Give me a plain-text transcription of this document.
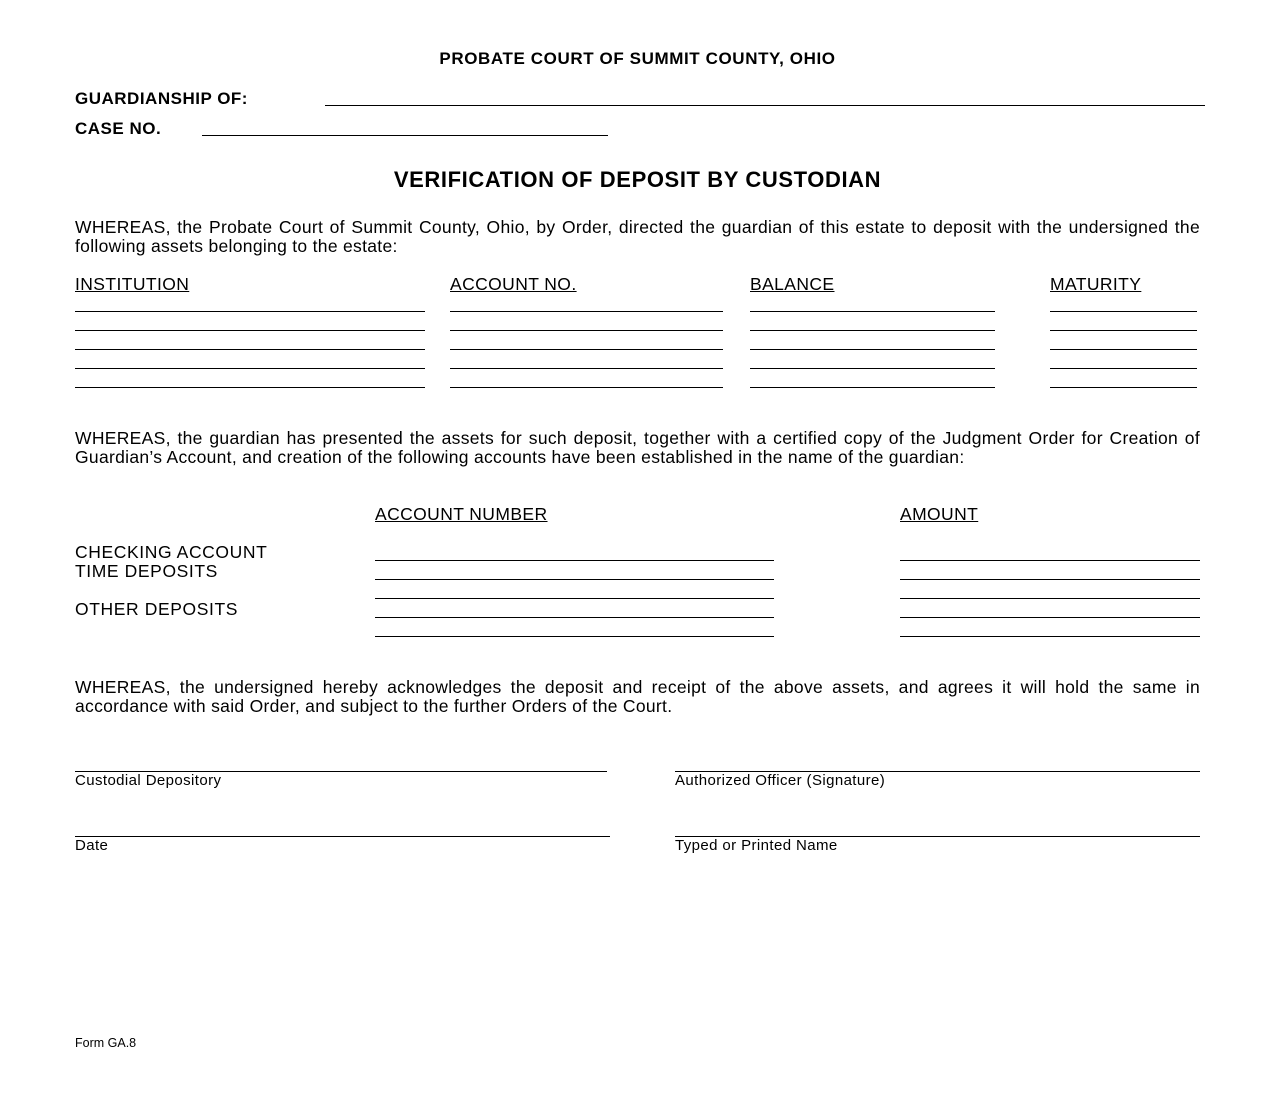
PROBATE COURT OF SUMMIT COUNTY, OHIO
GUARDIANSHIP OF:
CASE NO.
VERIFICATION OF DEPOSIT BY CUSTODIAN
WHEREAS, the Probate Court of Summit County, Ohio, by Order, directed the guardian of this estate to deposit with the undersigned the following assets belonging to the estate:
INSTITUTION	ACCOUNT NO.	BALANCE	MATURITY
WHEREAS, the guardian has presented the assets for such deposit, together with a certified copy of the Judgment Order for Creation of Guardian’s Account, and creation of the following accounts have been established in the name of the guardian:
ACCOUNT NUMBER	AMOUNT
CHECKING ACCOUNT
TIME DEPOSITS
OTHER DEPOSITS
WHEREAS, the undersigned hereby acknowledges the deposit and receipt of the above assets, and agrees it will hold the same in accordance with said Order, and subject to the further Orders of the Court.
Custodial Depository	Authorized Officer (Signature)
Date	Typed or Printed Name
Form GA.8
